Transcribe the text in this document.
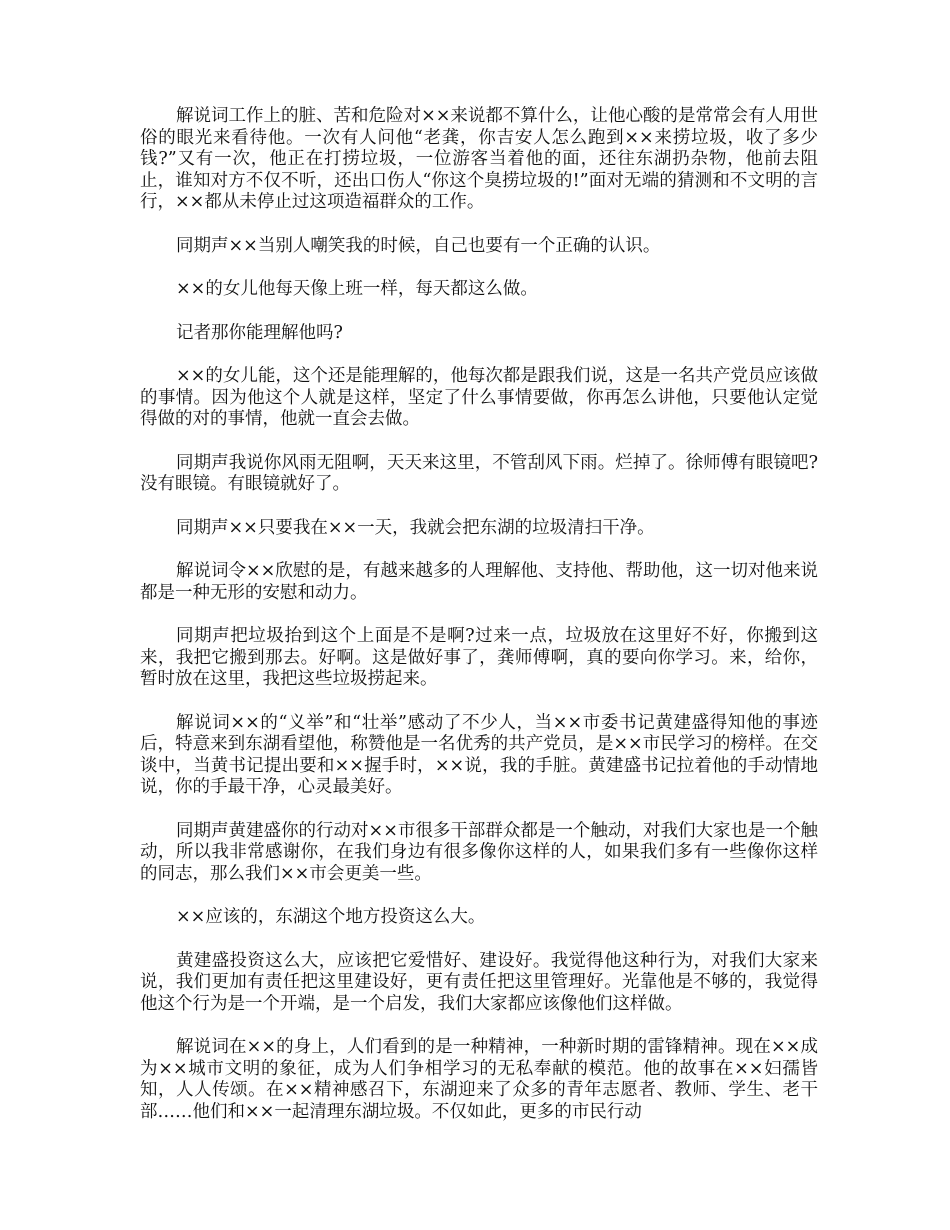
解说词工作上的脏、苦和危险对××来说都不算什么，让他心酸的是常常会有人用世俗的眼光来看待他。一次有人问他“老龚，你吉安人怎么跑到××来捞垃圾，收了多少钱?”又有一次，他正在打捞垃圾，一位游客当着他的面，还往东湖扔杂物，他前去阻止，谁知对方不仅不听，还出口伤人“你这个臭捞垃圾的!”面对无端的猜测和不文明的言行，××都从未停止过这项造福群众的工作。

同期声××当别人嘲笑我的时候，自己也要有一个正确的认识。

××的女儿他每天像上班一样，每天都这么做。

记者那你能理解他吗?

××的女儿能，这个还是能理解的，他每次都是跟我们说，这是一名共产党员应该做的事情。因为他这个人就是这样，坚定了什么事情要做，你再怎么讲他，只要他认定觉得做的对的事情，他就一直会去做。

同期声我说你风雨无阻啊，天天来这里，不管刮风下雨。烂掉了。徐师傅有眼镜吧?没有眼镜。有眼镜就好了。

同期声××只要我在××一天，我就会把东湖的垃圾清扫干净。

解说词令××欣慰的是，有越来越多的人理解他、支持他、帮助他，这一切对他来说都是一种无形的安慰和动力。

同期声把垃圾抬到这个上面是不是啊?过来一点，垃圾放在这里好不好，你搬到这来，我把它搬到那去。好啊。这是做好事了，龚师傅啊，真的要向你学习。来，给你，暂时放在这里，我把这些垃圾捞起来。

解说词××的“义举”和“壮举”感动了不少人，当××市委书记黄建盛得知他的事迹后，特意来到东湖看望他，称赞他是一名优秀的共产党员，是××市民学习的榜样。在交谈中，当黄书记提出要和××握手时，××说，我的手脏。黄建盛书记拉着他的手动情地说，你的手最干净，心灵最美好。

同期声黄建盛你的行动对××市很多干部群众都是一个触动，对我们大家也是一个触动，所以我非常感谢你，在我们身边有很多像你这样的人，如果我们多有一些像你这样的同志，那么我们××市会更美一些。

××应该的，东湖这个地方投资这么大。

黄建盛投资这么大，应该把它爱惜好、建设好。我觉得他这种行为，对我们大家来说，我们更加有责任把这里建设好，更有责任把这里管理好。光靠他是不够的，我觉得他这个行为是一个开端，是一个启发，我们大家都应该像他们这样做。

解说词在××的身上，人们看到的是一种精神，一种新时期的雷锋精神。现在××成为××城市文明的象征，成为人们争相学习的无私奉献的模范。他的故事在××妇孺皆知，人人传颂。在××精神感召下，东湖迎来了众多的青年志愿者、教师、学生、老干部……他们和××一起清理东湖垃圾。不仅如此，更多的市民行动
